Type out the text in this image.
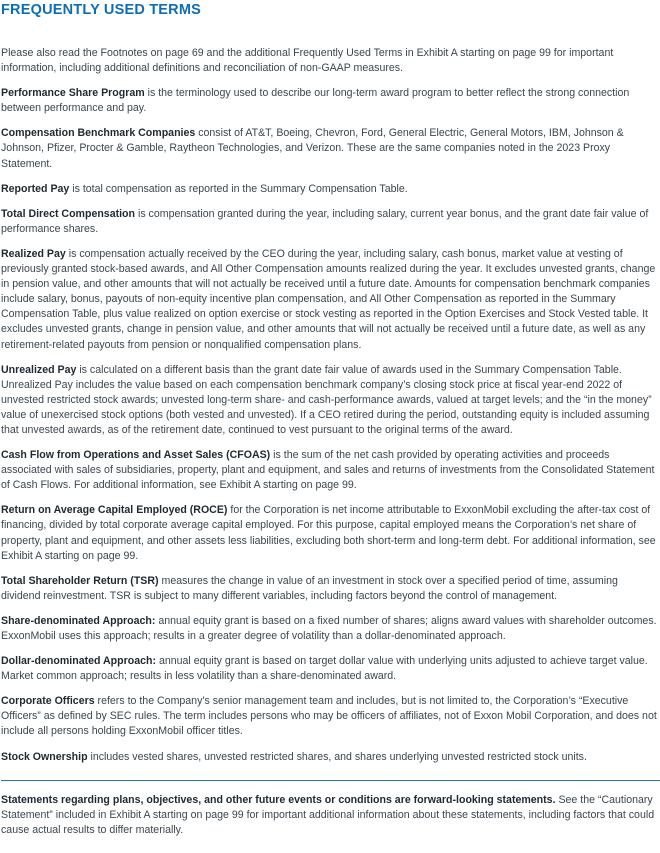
FREQUENTLY USED TERMS

Please also read the Footnotes on page 69 and the additional Frequently Used Terms in Exhibit A starting on page 99 for important information, including additional definitions and reconciliation of non-GAAP measures.

Performance Share Program is the terminology used to describe our long-term award program to better reflect the strong connection between performance and pay.

Compensation Benchmark Companies consist of AT&T, Boeing, Chevron, Ford, General Electric, General Motors, IBM, Johnson & Johnson, Pfizer, Procter & Gamble, Raytheon Technologies, and Verizon. These are the same companies noted in the 2023 Proxy Statement.

Reported Pay is total compensation as reported in the Summary Compensation Table.

Total Direct Compensation is compensation granted during the year, including salary, current year bonus, and the grant date fair value of performance shares.

Realized Pay is compensation actually received by the CEO during the year, including salary, cash bonus, market value at vesting of previously granted stock-based awards, and All Other Compensation amounts realized during the year. It excludes unvested grants, change in pension value, and other amounts that will not actually be received until a future date. Amounts for compensation benchmark companies include salary, bonus, payouts of non-equity incentive plan compensation, and All Other Compensation as reported in the Summary Compensation Table, plus value realized on option exercise or stock vesting as reported in the Option Exercises and Stock Vested table. It excludes unvested grants, change in pension value, and other amounts that will not actually be received until a future date, as well as any retirement-related payouts from pension or nonqualified compensation plans.

Unrealized Pay is calculated on a different basis than the grant date fair value of awards used in the Summary Compensation Table. Unrealized Pay includes the value based on each compensation benchmark company’s closing stock price at fiscal year-end 2022 of unvested restricted stock awards; unvested long-term share- and cash-performance awards, valued at target levels; and the “in the money” value of unexercised stock options (both vested and unvested). If a CEO retired during the period, outstanding equity is included assuming that unvested awards, as of the retirement date, continued to vest pursuant to the original terms of the award.

Cash Flow from Operations and Asset Sales (CFOAS) is the sum of the net cash provided by operating activities and proceeds associated with sales of subsidiaries, property, plant and equipment, and sales and returns of investments from the Consolidated Statement of Cash Flows. For additional information, see Exhibit A starting on page 99.

Return on Average Capital Employed (ROCE) for the Corporation is net income attributable to ExxonMobil excluding the after-tax cost of financing, divided by total corporate average capital employed. For this purpose, capital employed means the Corporation’s net share of property, plant and equipment, and other assets less liabilities, excluding both short-term and long-term debt. For additional information, see Exhibit A starting on page 99.

Total Shareholder Return (TSR) measures the change in value of an investment in stock over a specified period of time, assuming dividend reinvestment. TSR is subject to many different variables, including factors beyond the control of management.

Share-denominated Approach: annual equity grant is based on a fixed number of shares; aligns award values with shareholder outcomes. ExxonMobil uses this approach; results in a greater degree of volatility than a dollar-denominated approach.

Dollar-denominated Approach: annual equity grant is based on target dollar value with underlying units adjusted to achieve target value. Market common approach; results in less volatility than a share-denominated award.

Corporate Officers refers to the Company’s senior management team and includes, but is not limited to, the Corporation’s “Executive Officers” as defined by SEC rules. The term includes persons who may be officers of affiliates, not of Exxon Mobil Corporation, and does not include all persons holding ExxonMobil officer titles.

Stock Ownership includes vested shares, unvested restricted shares, and shares underlying unvested restricted stock units.

Statements regarding plans, objectives, and other future events or conditions are forward-looking statements. See the “Cautionary Statement” included in Exhibit A starting on page 99 for important additional information about these statements, including factors that could cause actual results to differ materially.
